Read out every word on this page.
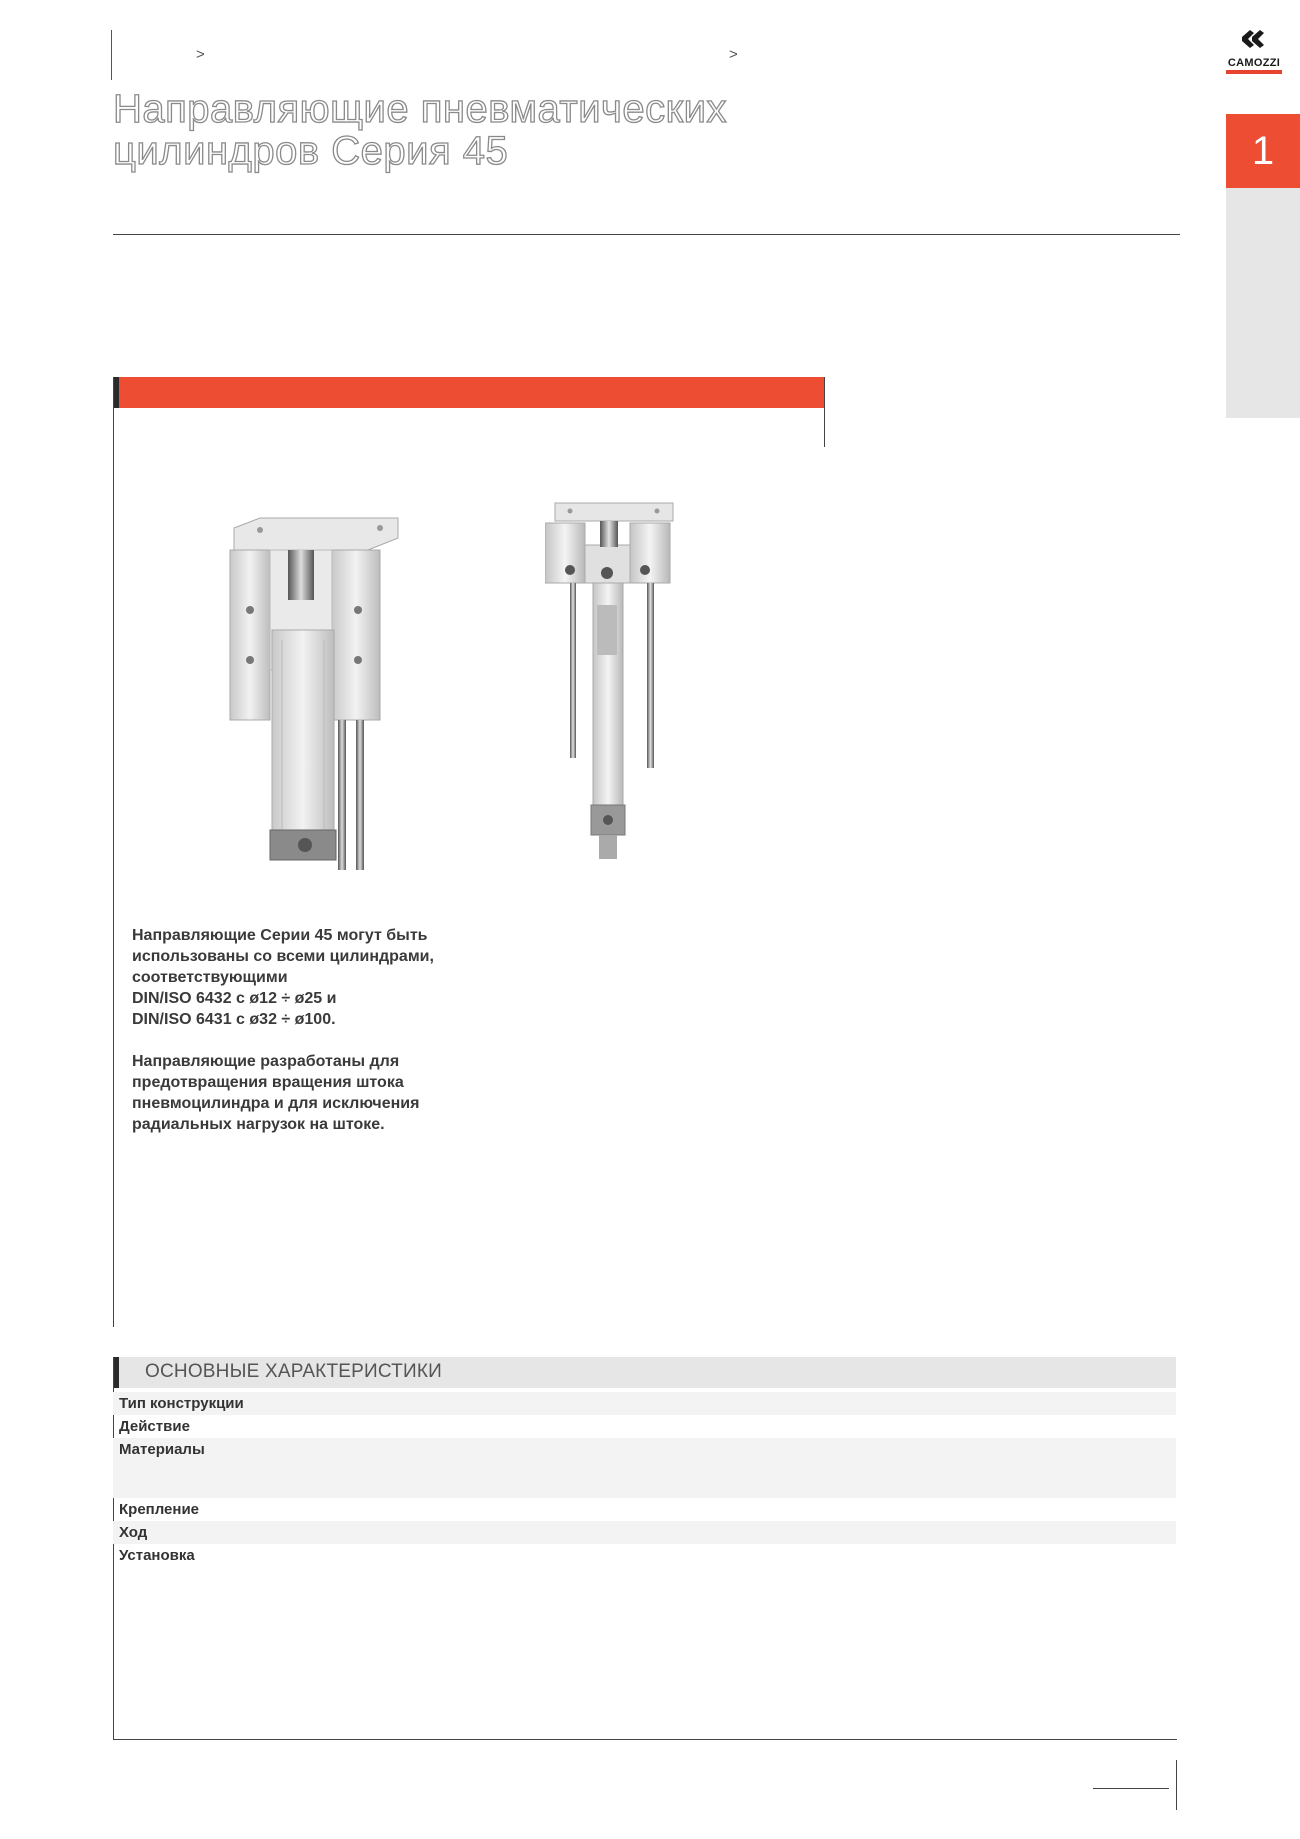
>	>
Направляющие пневматических
цилиндров Серия 45
CAMOZZI
1

Направляющие Серии 45 могут быть
использованы со всеми цилиндрами,
соответствующими
DIN/ISO 6432 с ø12 ÷ ø25 и
DIN/ISO 6431 с ø32 ÷ ø100.

Направляющие разработаны для
предотвращения вращения штока
пневмоцилиндра и для исключения
радиальных нагрузок на штоке.

ОСНОВНЫЕ ХАРАКТЕРИСТИКИ
Тип конструкции
Действие
Материалы
Крепление
Ход
Установка
